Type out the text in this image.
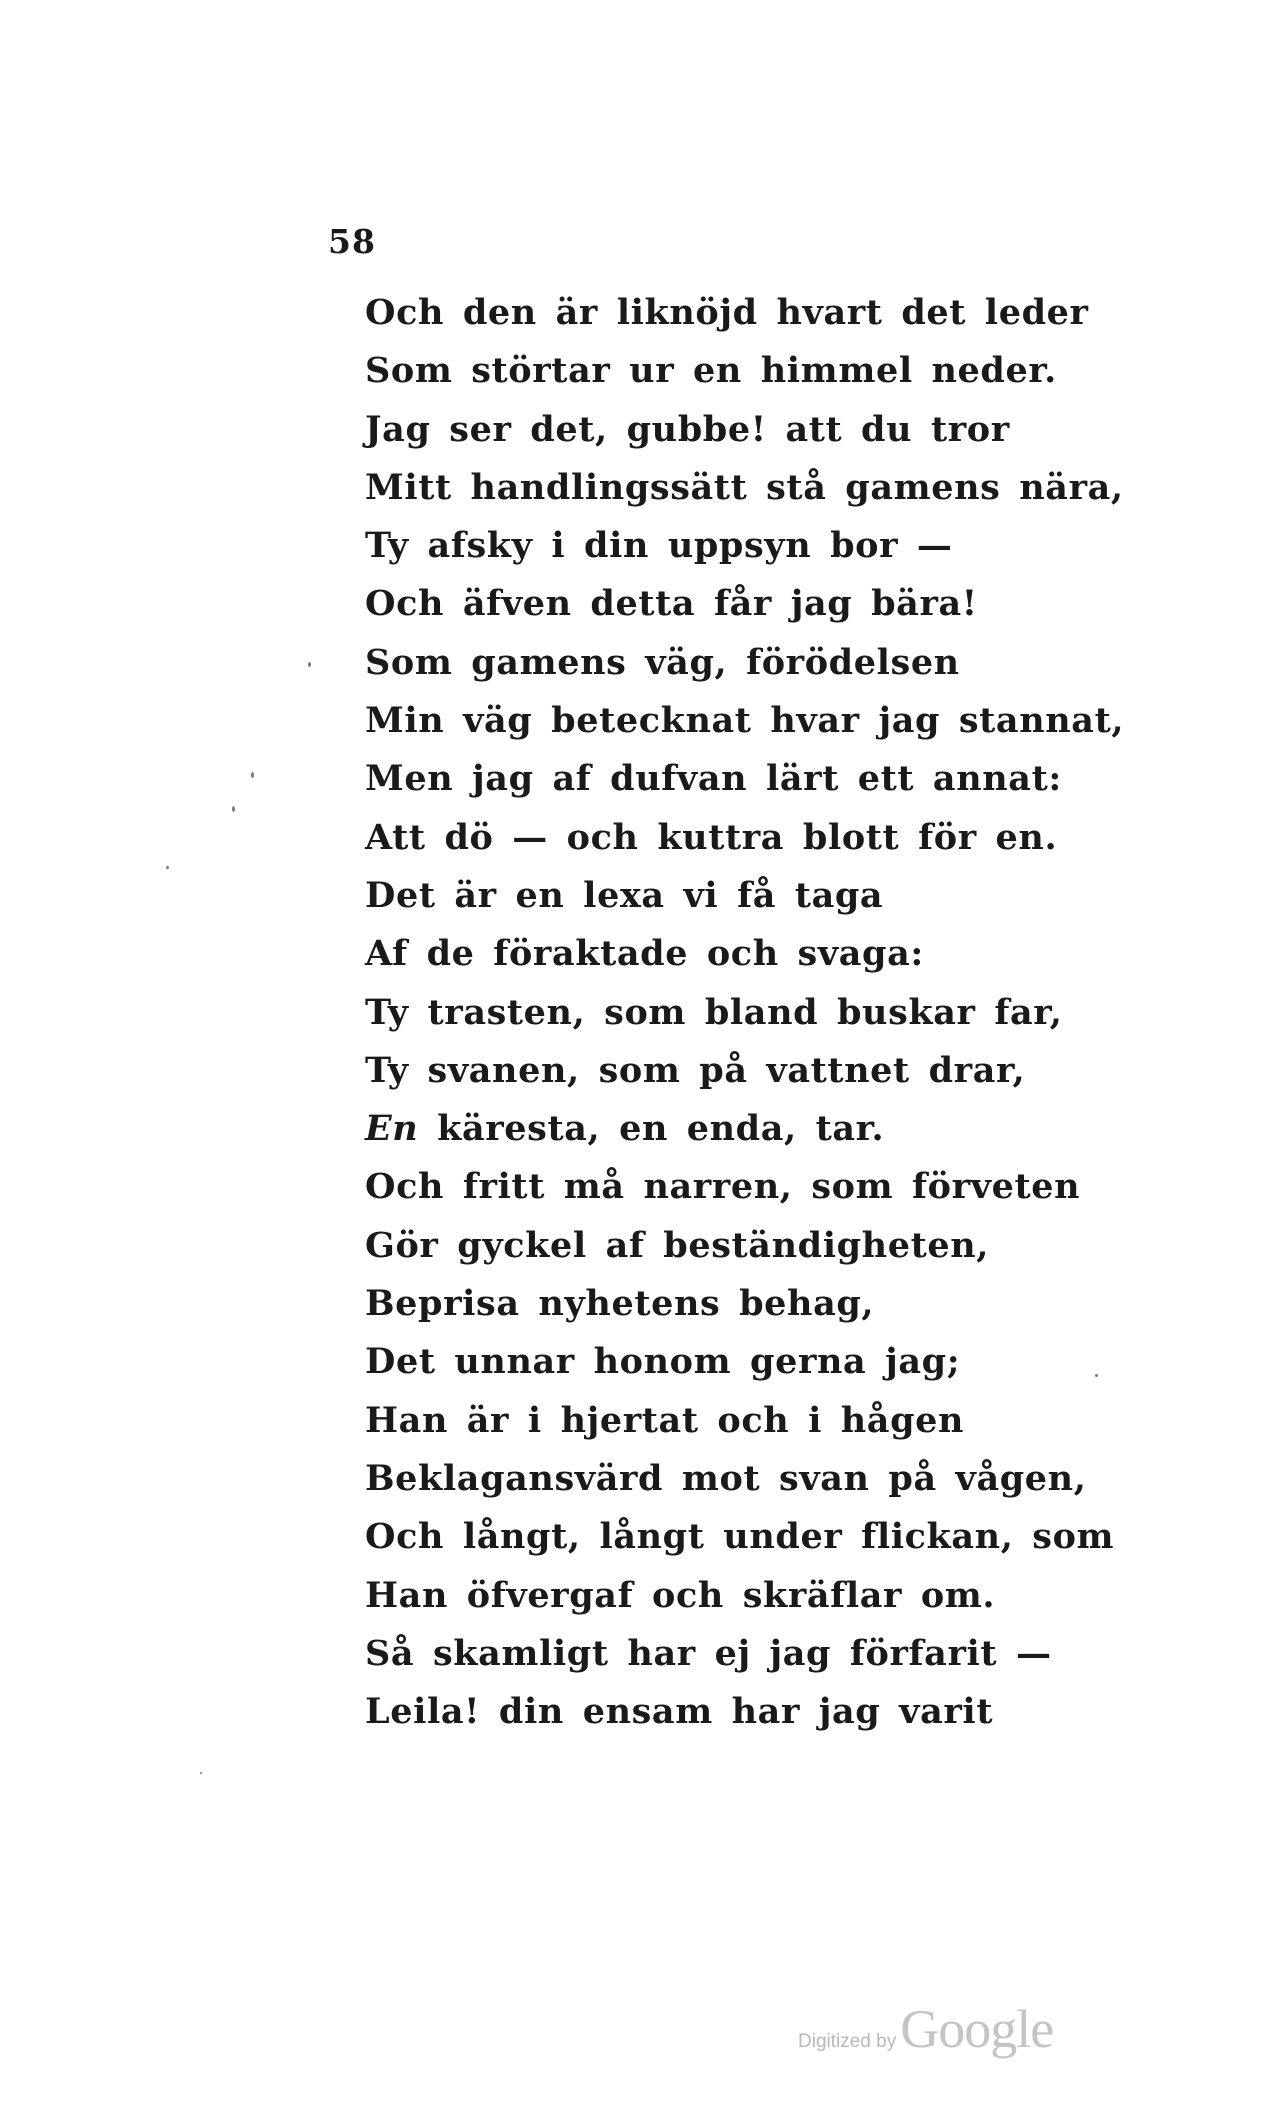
58
Och den är liknöjd hvart det leder
Som störtar ur en himmel neder.
Jag ser det, gubbe! att du tror
Mitt handlingssätt stå gamens nära,
Ty afsky i din uppsyn bor —
Och äfven detta får jag bära!
Som gamens väg, förödelsen
Min väg betecknat hvar jag stannat,
Men jag af dufvan lärt ett annat:
Att dö — och kuttra blott för en.
Det är en lexa vi få taga
Af de föraktade och svaga:
Ty trasten, som bland buskar far,
Ty svanen, som på vattnet drar,
En käresta, en enda, tar.
Och fritt må narren, som förveten
Gör gyckel af beständigheten,
Beprisa nyhetens behag,
Det unnar honom gerna jag;
Han är i hjertat och i hågen
Beklagansvärd mot svan på vågen,
Och långt, långt under flickan, som
Han öfvergaf och skräflar om.
Så skamligt har ej jag förfarit —
Leila! din ensam har jag varit
Digitized by Google
